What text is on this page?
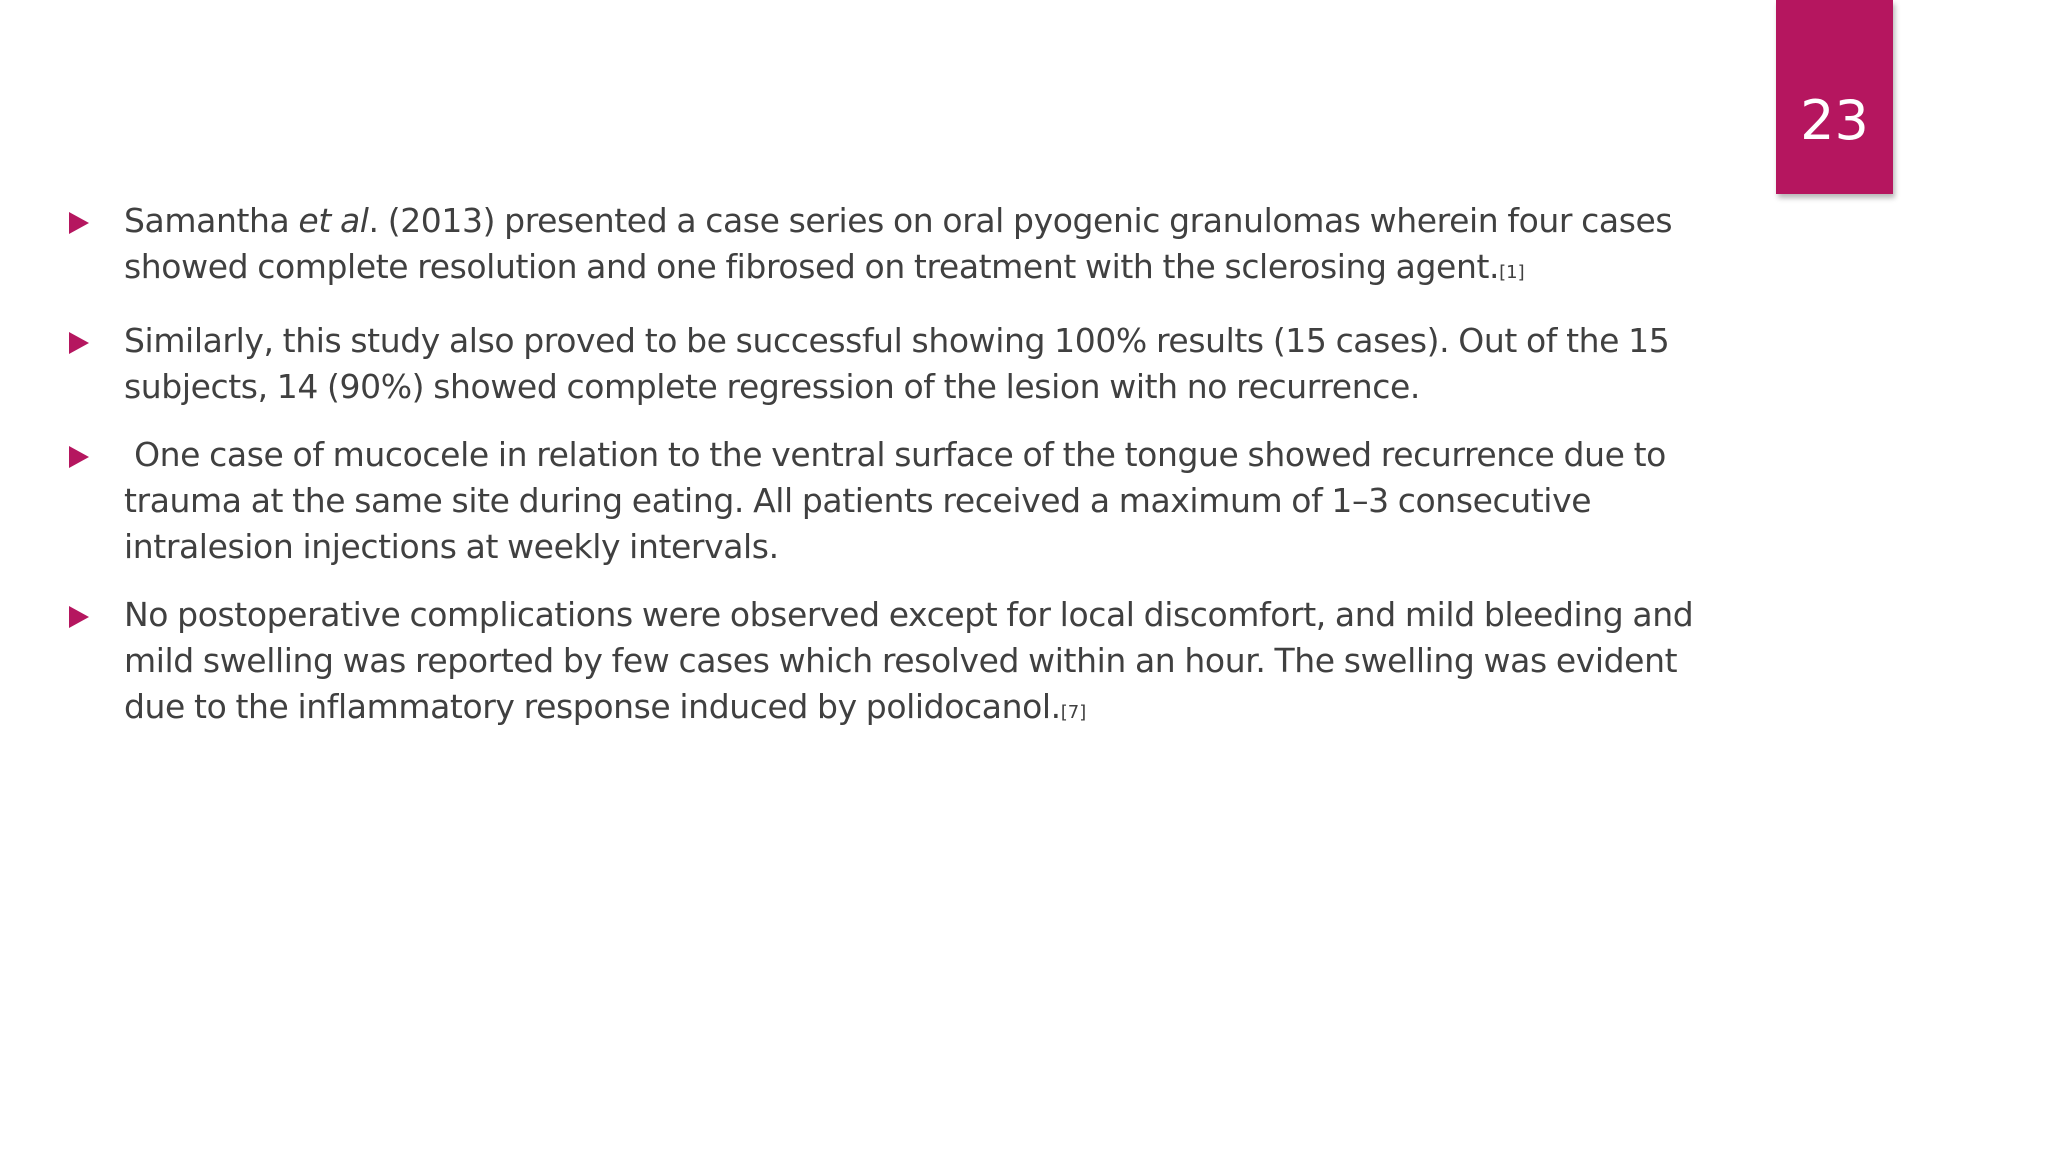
23
Samantha et al. (2013) presented a case series on oral pyogenic granulomas wherein four cases showed complete resolution and one fibrosed on treatment with the sclerosing agent.[1]
Similarly, this study also proved to be successful showing 100% results (15 cases). Out of the 15 subjects, 14 (90%) showed complete regression of the lesion with no recurrence.
One case of mucocele in relation to the ventral surface of the tongue showed recurrence due to trauma at the same site during eating. All patients received a maximum of 1–3 consecutive intralesion injections at weekly intervals.
No postoperative complications were observed except for local discomfort, and mild bleeding and mild swelling was reported by few cases which resolved within an hour. The swelling was evident due to the inflammatory response induced by polidocanol.[7]
